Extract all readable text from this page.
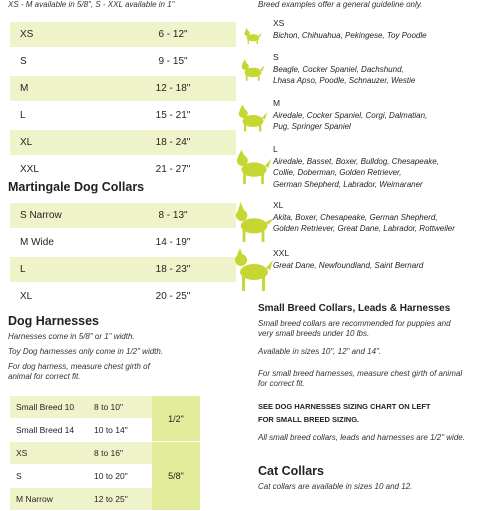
XS - M available in 5/8", S - XXL available in 1"
XS	6 - 12"
S	9 - 15"
M	12 - 18"
L	15 - 21"
XL	18 - 24"
XXL	21 - 27"
Martingale Dog Collars
S Narrow	8 - 13"
M Wide	14 - 19"
L	18 - 23"
XL	20 - 25"
Dog Harnesses
Harnesses come in 5/8" or 1" width.
Toy Dog harnesses only come in 1/2" width.
For dog harness, measure chest girth of
animal for correct fit.
Small Breed 10	8 to 10"	1/2"
Small Breed 14	10 to 14"	
XS	8 to 16"	5/8"
S	10 to 20"	
M Narrow	12 to 25"	
Breed examples offer a general guideline only.
XS
Bichon, Chihuahua, Pekingese, Toy Poodle
S
Beagle, Cocker Spaniel, Dachshund,
Lhasa Apso, Poodle, Schnauzer, Westie
M
Airedale, Cocker Spaniel, Corgi, Dalmatian,
Pug, Springer Spaniel
L
Airedale, Basset, Boxer, Bulldog, Chesapeake,
Collie, Doberman, Golden Retriever,
German Shepherd, Labrador, Weimaraner
XL
Akita, Boxer, Chesapeake, German Shepherd,
Golden Retriever, Great Dane, Labrador, Rottweiler
XXL
Great Dane, Newfoundland, Saint Bernard
Small Breed Collars, Leads & Harnesses
Small breed collars are recommended for puppies and
very small breeds under 10 lbs.
Available in sizes 10", 12" and 14".
For small breed harnesses, measure chest girth of animal
for correct fit.
SEE DOG HARNESSES SIZING CHART ON LEFT
FOR SMALL BREED SIZING.
All small breed collars, leads and harnesses are 1/2" wide.
Cat Collars
Cat collars are available in sizes 10 and 12.
